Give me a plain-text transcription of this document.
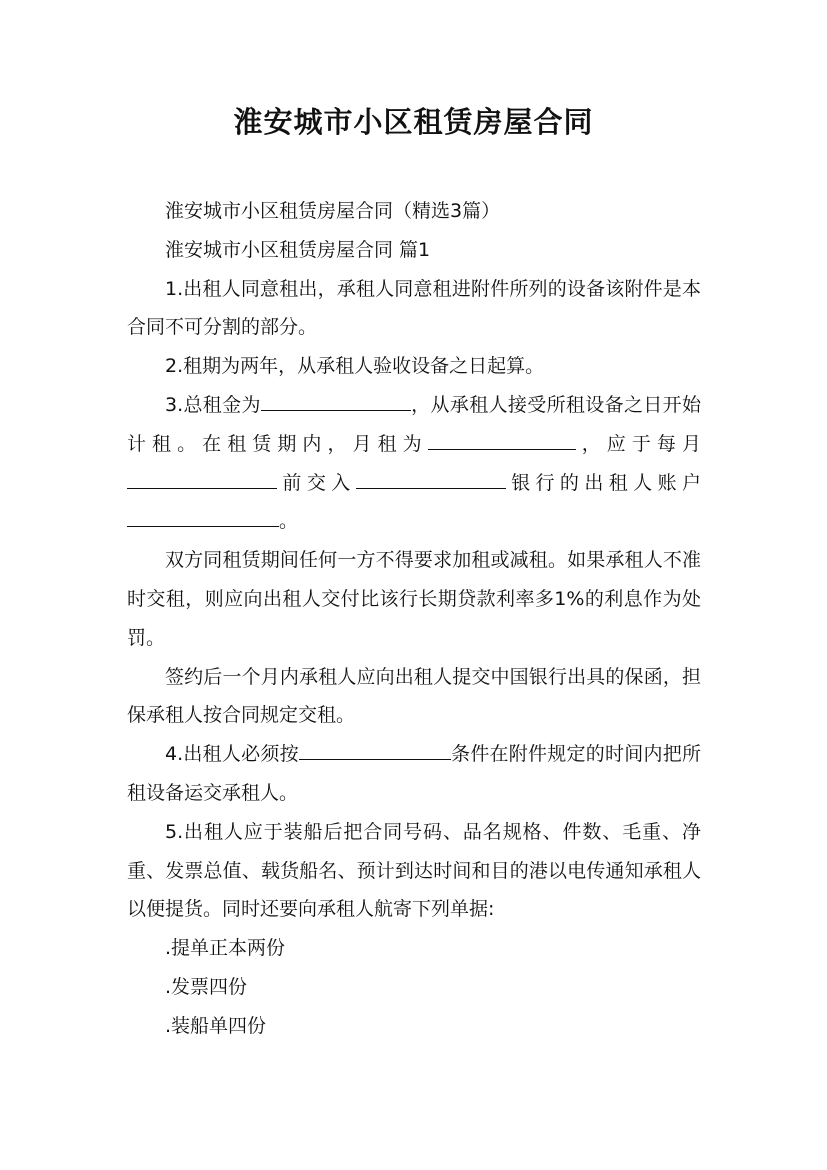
淮安城市小区租赁房屋合同

淮安城市小区租赁房屋合同（精选3篇）

淮安城市小区租赁房屋合同 篇1

1.出租人同意租出，承租人同意租进附件所列的设备该附件是本合同不可分割的部分。

2.租期为两年，从承租人验收设备之日起算。

3.总租金为	，从承租人接受所租设备之日开始计租。在租赁期内，月租为	，应于每月前交入	银行的出租人账户。

双方同租赁期间任何一方不得要求加租或减租。如果承租人不准时交租，则应向出租人交付比该行长期贷款利率多1%的利息作为处罚。

签约后一个月内承租人应向出租人提交中国银行出具的保函，担保承租人按合同规定交租。

4.出租人必须按	条件在附件规定的时间内把所租设备运交承租人。

5.出租人应于装船后把合同号码、品名规格、件数、毛重、净重、发票总值、载货船名、预计到达时间和目的港以电传通知承租人以便提货。同时还要向承租人航寄下列单据:

.提单正本两份

.发票四份

.装船单四份
